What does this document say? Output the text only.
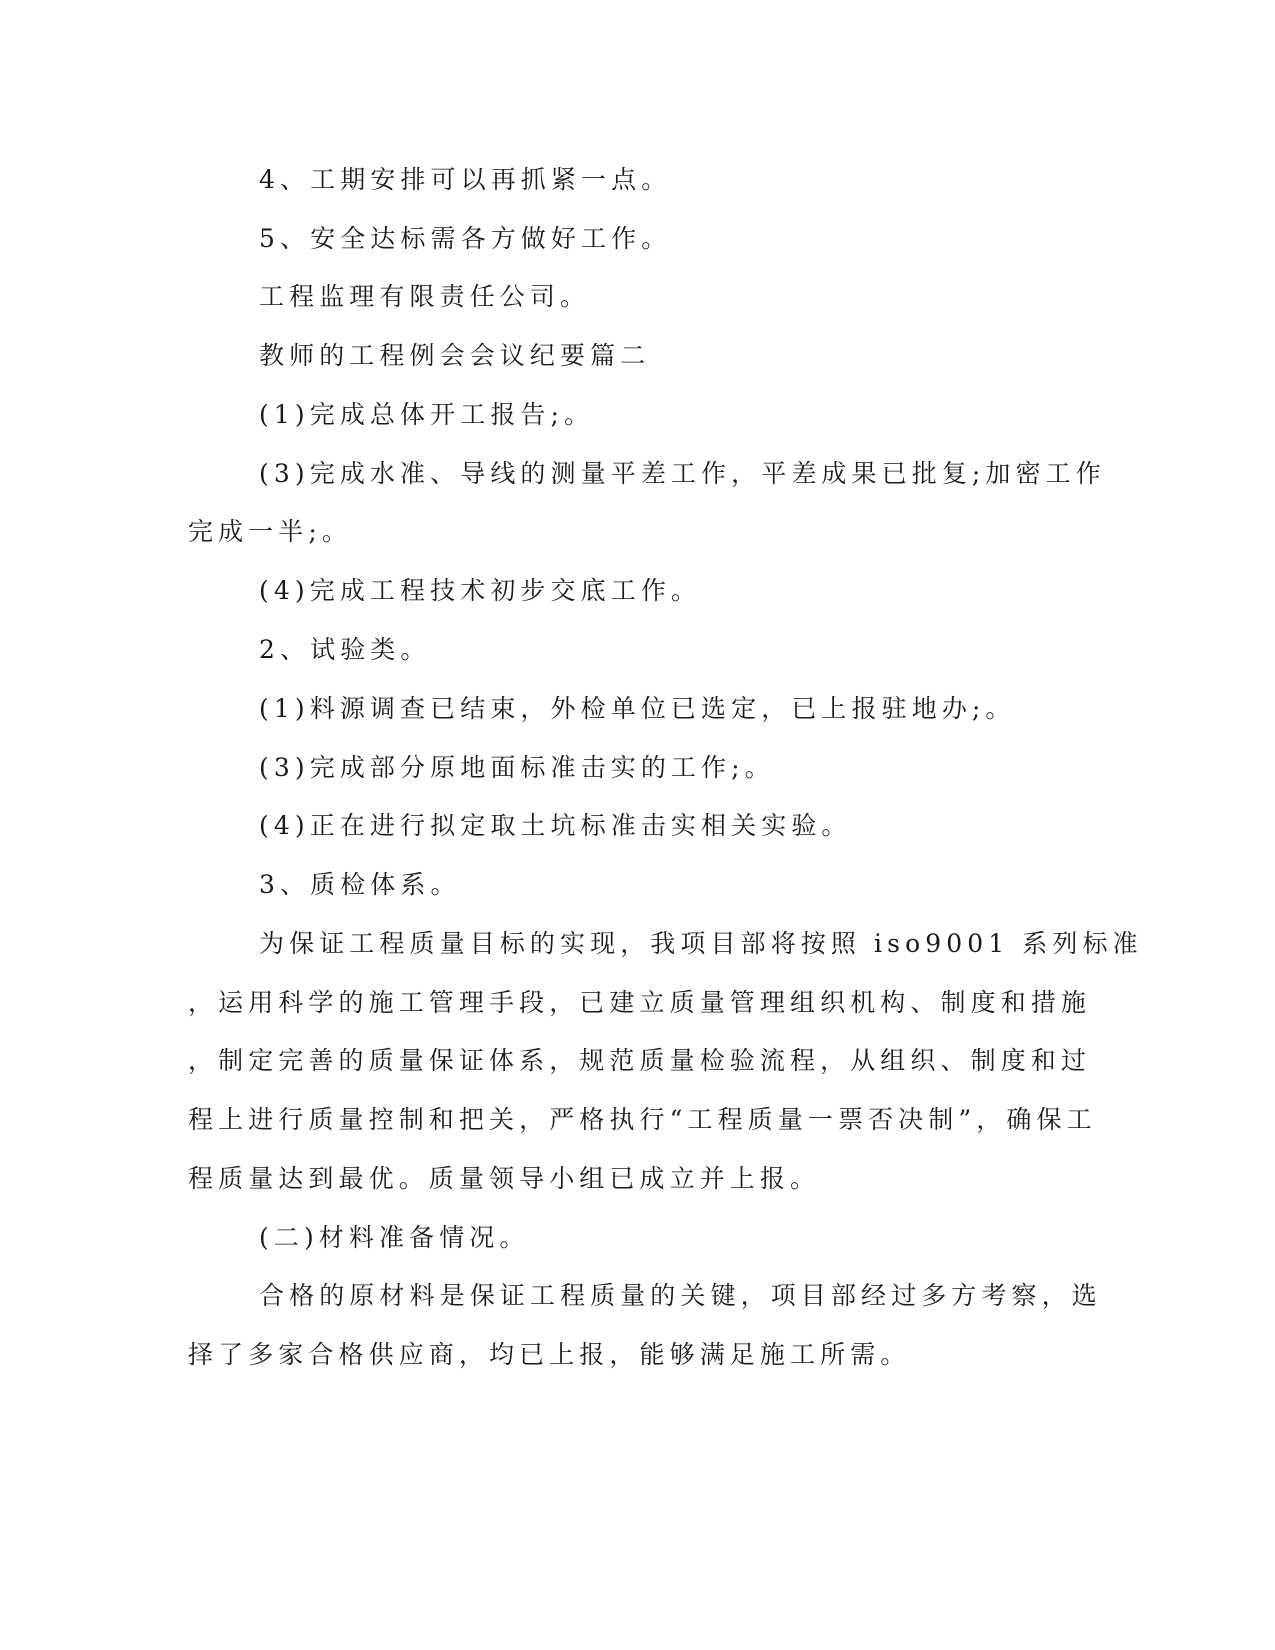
4、工期安排可以再抓紧一点。
5、安全达标需各方做好工作。
工程监理有限责任公司。
教师的工程例会会议纪要篇二
(1)完成总体开工报告;。
(3)完成水准、导线的测量平差工作，平差成果已批复;加密工作
完成一半;。
(4)完成工程技术初步交底工作。
2、试验类。
(1)料源调查已结束，外检单位已选定，已上报驻地办;。
(3)完成部分原地面标准击实的工作;。
(4)正在进行拟定取土坑标准击实相关实验。
3、质检体系。
为保证工程质量目标的实现，我项目部将按照 iso9001 系列标准
，运用科学的施工管理手段，已建立质量管理组织机构、制度和措施
，制定完善的质量保证体系，规范质量检验流程，从组织、制度和过
程上进行质量控制和把关，严格执行“工程质量一票否决制”，确保工
程质量达到最优。质量领导小组已成立并上报。
(二)材料准备情况。
合格的原材料是保证工程质量的关键，项目部经过多方考察，选
择了多家合格供应商，均已上报，能够满足施工所需。
